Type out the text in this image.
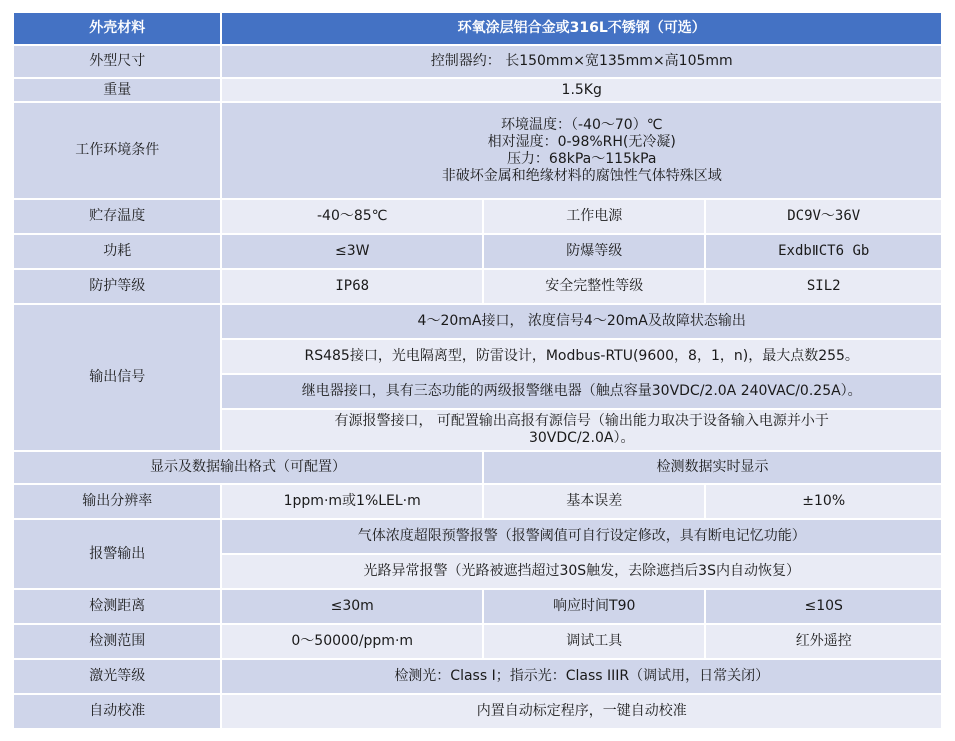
外壳材料	环氧涂层铝合金或316L不锈钢（可选）		
外型尺寸	控制器约： 长150mm×宽135mm×高105mm		
重量	1.5Kg		
工作环境条件	环境温度：（-40～70）℃
相对湿度：0-98%RH(无冷凝)
压力：68kPa～115kPa
非破坏金属和绝缘材料的腐蚀性气体特殊区域		

贮存温度	-40～85℃	工作电源	DC9V～36V
功耗	≤3W	防爆等级	ExdbⅡCT6 Gb
防护等级	IP68	安全完整性等级	SIL2
输出信号	4～20mA接口， 浓度信号4～20mA及故障状态输出		
	RS485接口，光电隔离型，防雷设计，Modbus-RTU(9600，8，1，n)，最大点数255。		
	继电器接口，具有三态功能的两级报警继电器（触点容量30VDC/2.0A 240VAC/0.25A）。		

	有源报警接口， 可配置输出高报有源信号（输出能力取决于设备输入电源并小于
30VDC/2.0A）。		

显示及数据输出格式（可配置）		检测数据实时显示	
输出分辨率	1ppm·m或1%LEL·m	基本误差	±10%
报警输出	气体浓度超限预警报警（报警阈值可自行设定修改，具有断电记忆功能）		
	光路异常报警（光路被遮挡超过30S触发，去除遮挡后3S内自动恢复）		
检测距离	≤30m	响应时间T90	≤10S
检测范围	0～50000/ppm·m	调试工具	红外遥控
激光等级	检测光：Class I；指示光：Class IIIR（调试用，日常关闭）		
自动校准	内置自动标定程序，一键自动校准		
